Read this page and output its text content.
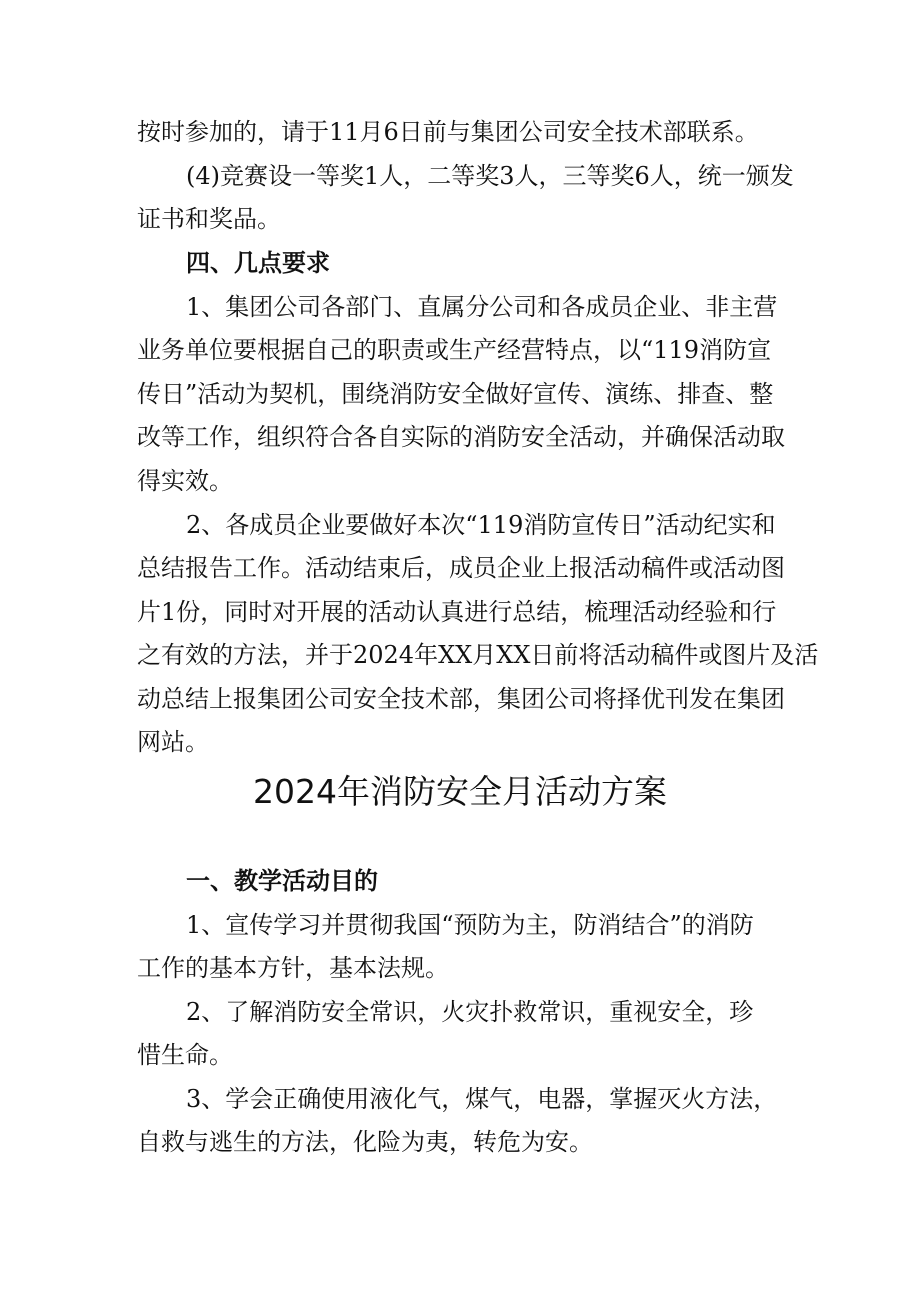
按时参加的，请于11月6日前与集团公司安全技术部联系。
(4)竞赛设一等奖1人，二等奖3人，三等奖6人，统一颁发
证书和奖品。
四、几点要求
1、集团公司各部门、直属分公司和各成员企业、非主营
业务单位要根据自己的职责或生产经营特点，以“119消防宣
传日”活动为契机，围绕消防安全做好宣传、演练、排查、整
改等工作，组织符合各自实际的消防安全活动，并确保活动取
得实效。
2、各成员企业要做好本次“119消防宣传日”活动纪实和
总结报告工作。活动结束后，成员企业上报活动稿件或活动图
片1份，同时对开展的活动认真进行总结，梳理活动经验和行
之有效的方法，并于2024年XX月XX日前将活动稿件或图片及活
动总结上报集团公司安全技术部，集团公司将择优刊发在集团
网站。
2024年消防安全月活动方案
一、教学活动目的
1、宣传学习并贯彻我国“预防为主，防消结合”的消防
工作的基本方针，基本法规。
2、了解消防安全常识，火灾扑救常识，重视安全，珍
惜生命。
3、学会正确使用液化气，煤气，电器，掌握灭火方法，
自救与逃生的方法，化险为夷，转危为安。
